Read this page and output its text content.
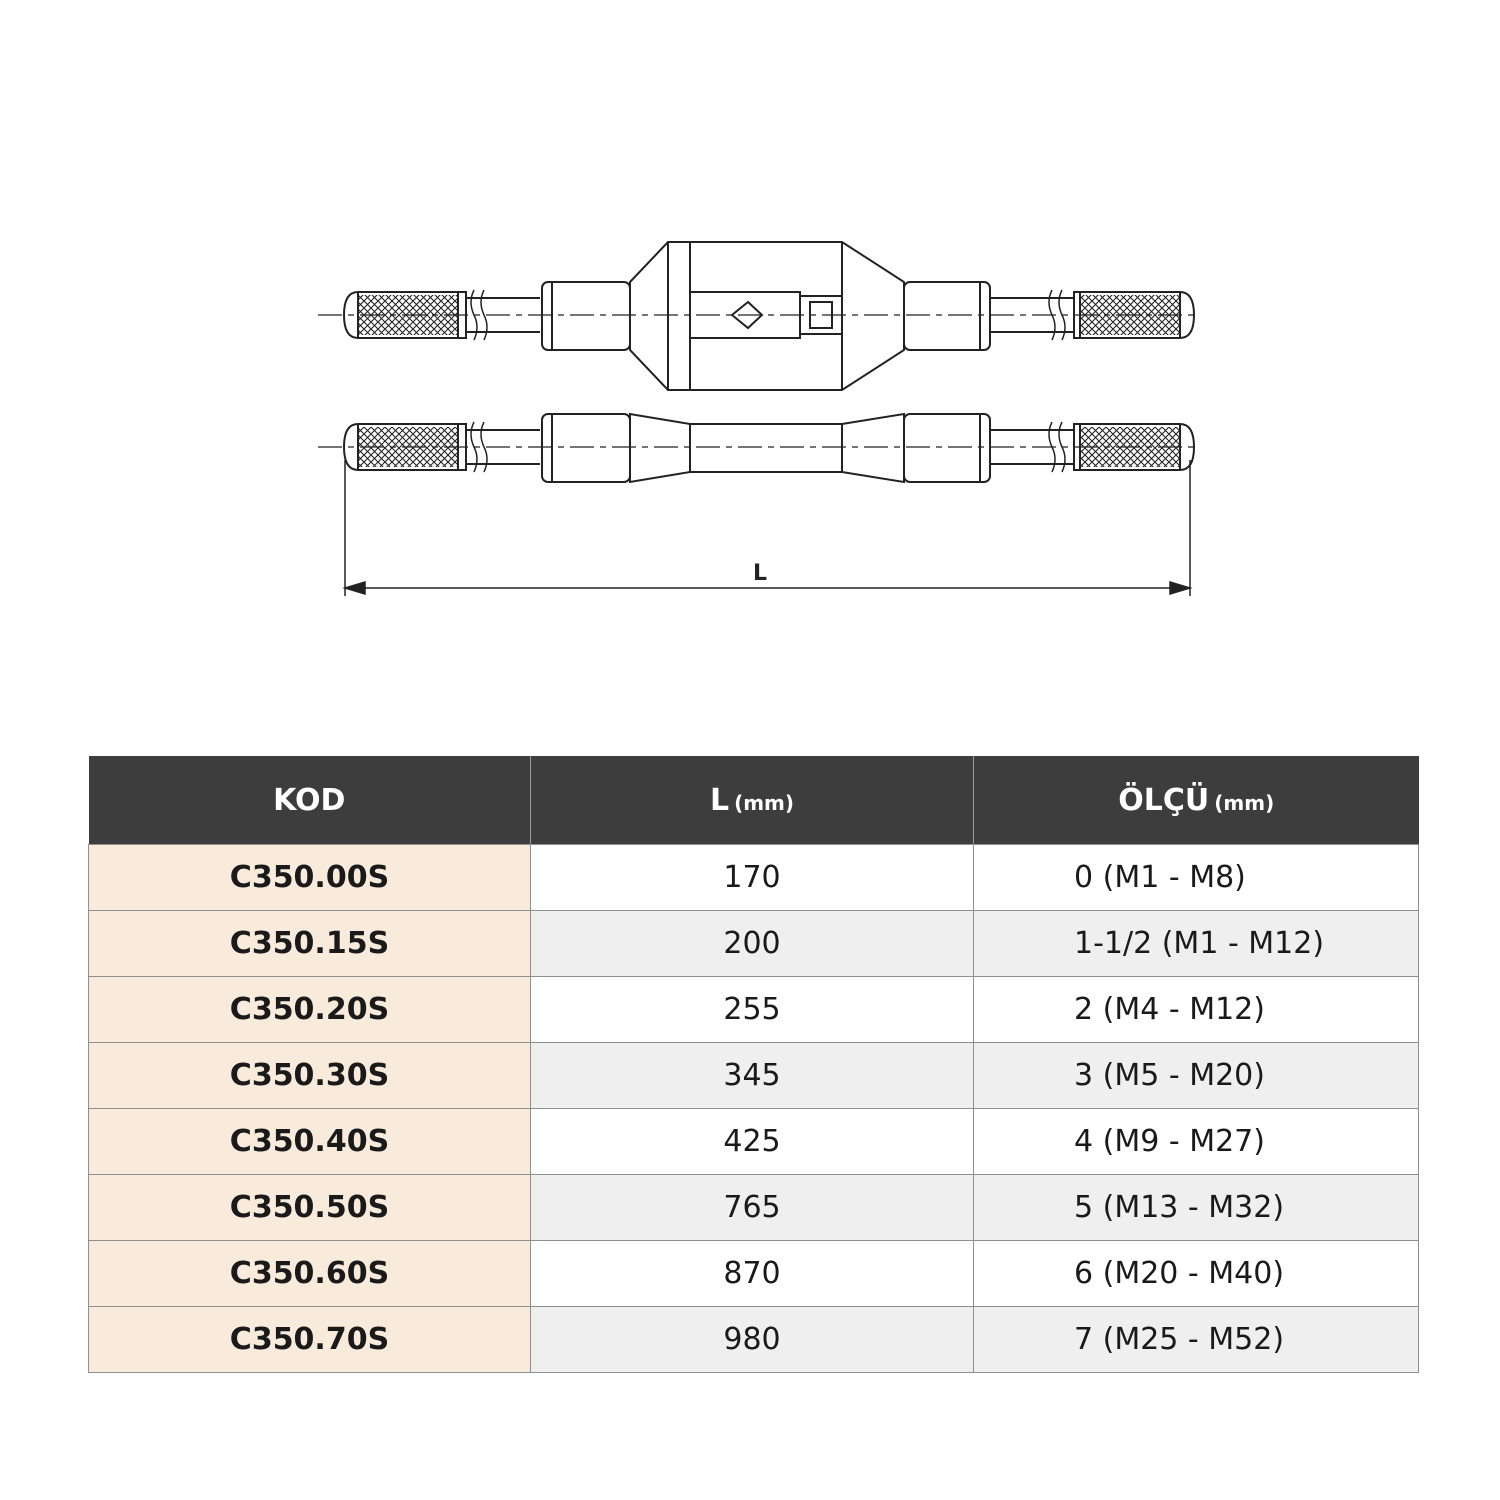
L
KOD	L (mm)	ÖLÇÜ (mm)
C350.00S	170	0 (M1 - M8)
C350.15S	200	1-1/2 (M1 - M12)
C350.20S	255	2 (M4 - M12)
C350.30S	345	3 (M5 - M20)
C350.40S	425	4 (M9 - M27)
C350.50S	765	5 (M13 - M32)
C350.60S	870	6 (M20 - M40)
C350.70S	980	7 (M25 - M52)
